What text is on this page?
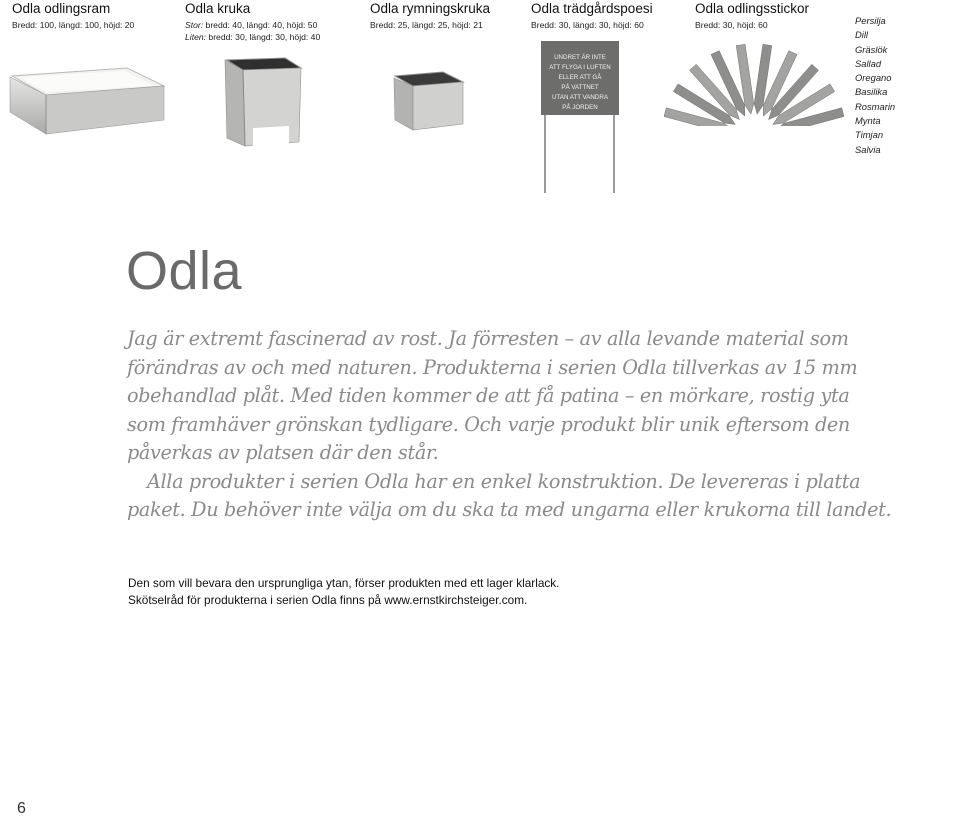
Odla odlingsram
Bredd: 100, längd: 100, höjd: 20
Odla kruka
Stor: bredd: 40, längd: 40, höjd: 50
Liten: bredd: 30, längd: 30, höjd: 40
Odla rymningskruka
Bredd: 25, längd: 25, höjd: 21
Odla trädgårdspoesi
Bredd: 30, längd: 30, höjd: 60
Odla odlingsstickor
Bredd: 30, höjd: 60	Persilja
Dill
Gräslök
Sallad
Oregano
Basilika
Rosmarin
Mynta
Timjan
Salvia
UNDRET ÄR INTE
ATT FLYGA I LUFTEN
ELLER ATT GÅ
PÅ VATTNET
UTAN ATT VANDRA
PÅ JORDEN
Odla

Jag är extremt fascinerad av rost. Ja förresten – av alla levande material som

förändras av och med naturen. Produkterna i serien Odla tillverkas av 15 mm

obehandlad plåt. Med tiden kommer de att få patina – en mörkare, rostig yta

som framhäver grönskan tydligare. Och varje produkt blir unik eftersom den

påverkas av platsen där den står.

Alla produkter i serien Odla har en enkel konstruktion. De levereras i platta

paket. Du behöver inte välja om du ska ta med ungarna eller krukorna till landet.

Den som vill bevara den ursprungliga ytan, förser produkten med ett lager klarlack.
Skötselråd för produkterna i serien Odla finns på www.ernstkirchsteiger.com.
6
